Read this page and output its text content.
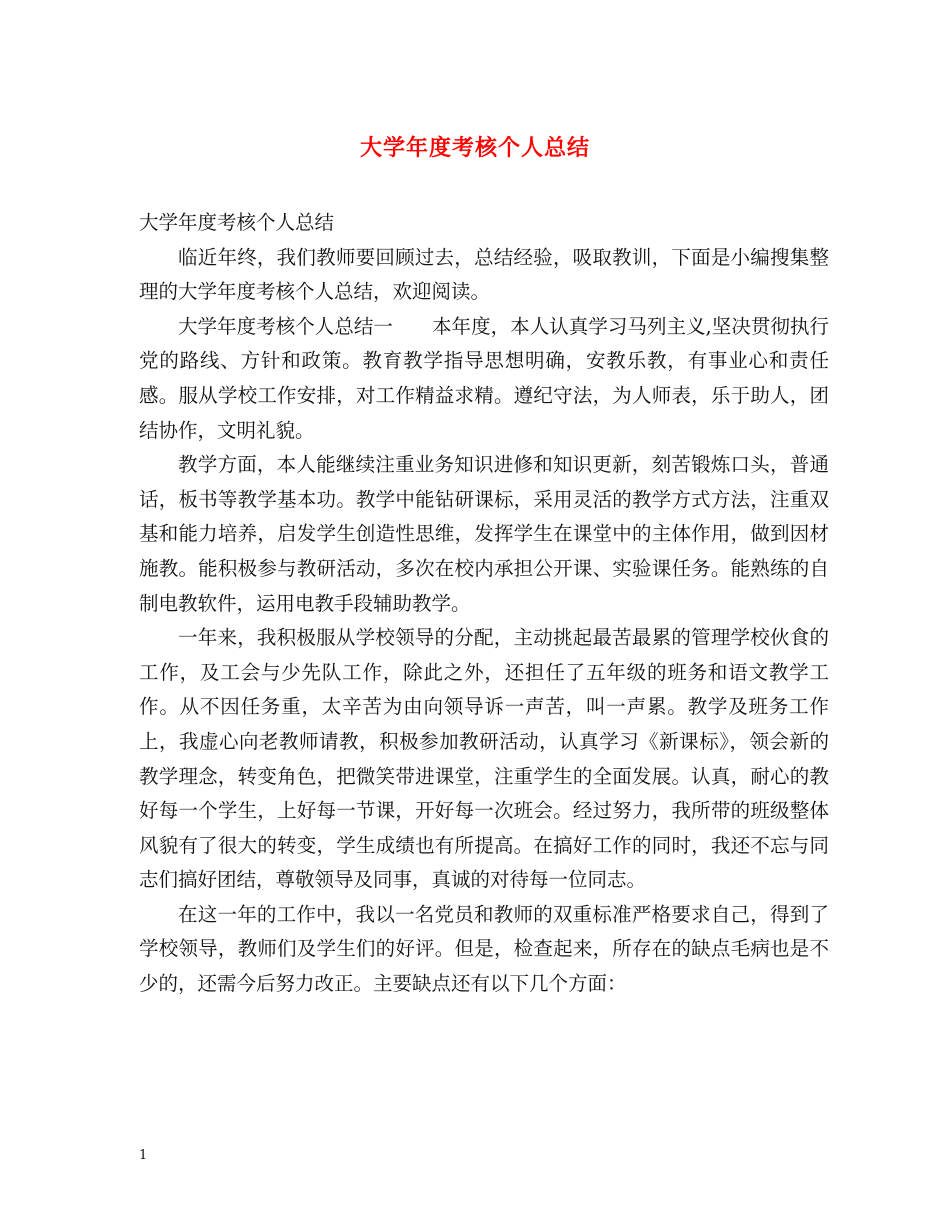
大学年度考核个人总结

大学年度考核个人总结

临近年终，我们教师要回顾过去，总结经验，吸取教训，下面是小编搜集整理的大学年度考核个人总结，欢迎阅读。

大学年度考核个人总结一　　本年度，本人认真学习马列主义,坚决贯彻执行党的路线、方针和政策。教育教学指导思想明确，安教乐教，有事业心和责任感。服从学校工作安排，对工作精益求精。遵纪守法，为人师表，乐于助人，团结协作，文明礼貌。

教学方面，本人能继续注重业务知识进修和知识更新，刻苦锻炼口头，普通话，板书等教学基本功。教学中能钻研课标，采用灵活的教学方式方法，注重双基和能力培养，启发学生创造性思维，发挥学生在课堂中的主体作用，做到因材施教。能积极参与教研活动，多次在校内承担公开课、实验课任务。能熟练的自制电教软件，运用电教手段辅助教学。

一年来，我积极服从学校领导的分配，主动挑起最苦最累的管理学校伙食的工作，及工会与少先队工作，除此之外，还担任了五年级的班务和语文教学工作。从不因任务重，太辛苦为由向领导诉一声苦，叫一声累。教学及班务工作上，我虚心向老教师请教，积极参加教研活动，认真学习《新课标》，领会新的教学理念，转变角色，把微笑带进课堂，注重学生的全面发展。认真，耐心的教好每一个学生，上好每一节课，开好每一次班会。经过努力，我所带的班级整体风貌有了很大的转变，学生成绩也有所提高。在搞好工作的同时，我还不忘与同志们搞好团结，尊敬领导及同事，真诚的对待每一位同志。

在这一年的工作中，我以一名党员和教师的双重标准严格要求自己，得到了学校领导，教师们及学生们的好评。但是，检查起来，所存在的缺点毛病也是不少的，还需今后努力改正。主要缺点还有以下几个方面：

1
